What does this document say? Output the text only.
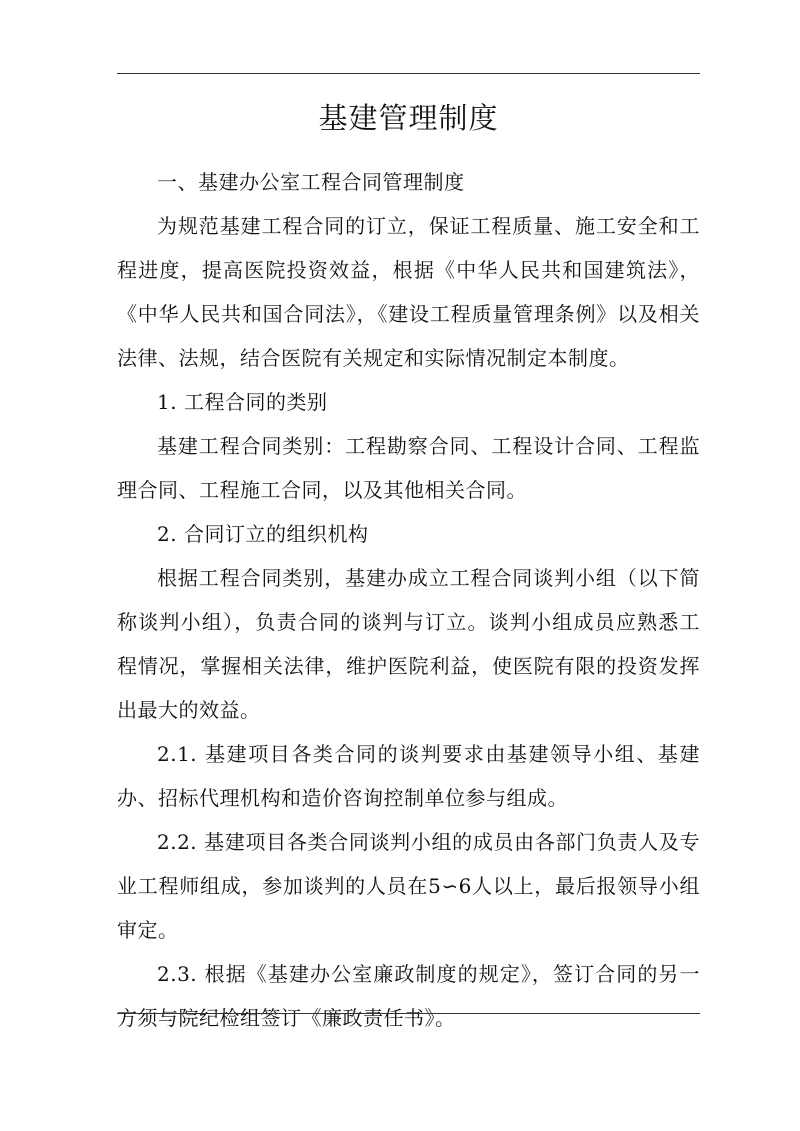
基建管理制度

一、基建办公室工程合同管理制度

为规范基建工程合同的订立，保证工程质量、施工安全和工程进度，提高医院投资效益，根据《中华人民共和国建筑法》，《中华人民共和国合同法》，《建设工程质量管理条例》以及相关法律、法规，结合医院有关规定和实际情况制定本制度。

1. 工程合同的类别

基建工程合同类别：工程勘察合同、工程设计合同、工程监理合同、工程施工合同，以及其他相关合同。

2. 合同订立的组织机构

根据工程合同类别，基建办成立工程合同谈判小组（以下简称谈判小组），负责合同的谈判与订立。谈判小组成员应熟悉工程情况，掌握相关法律，维护医院利益，使医院有限的投资发挥出最大的效益。

2.1. 基建项目各类合同的谈判要求由基建领导小组、基建办、招标代理机构和造价咨询控制单位参与组成。

2.2. 基建项目各类合同谈判小组的成员由各部门负责人及专业工程师组成，参加谈判的人员在5∽6人以上，最后报领导小组审定。

2.3. 根据《基建办公室廉政制度的规定》，签订合同的另一方须与院纪检组签订《廉政责任书》。
